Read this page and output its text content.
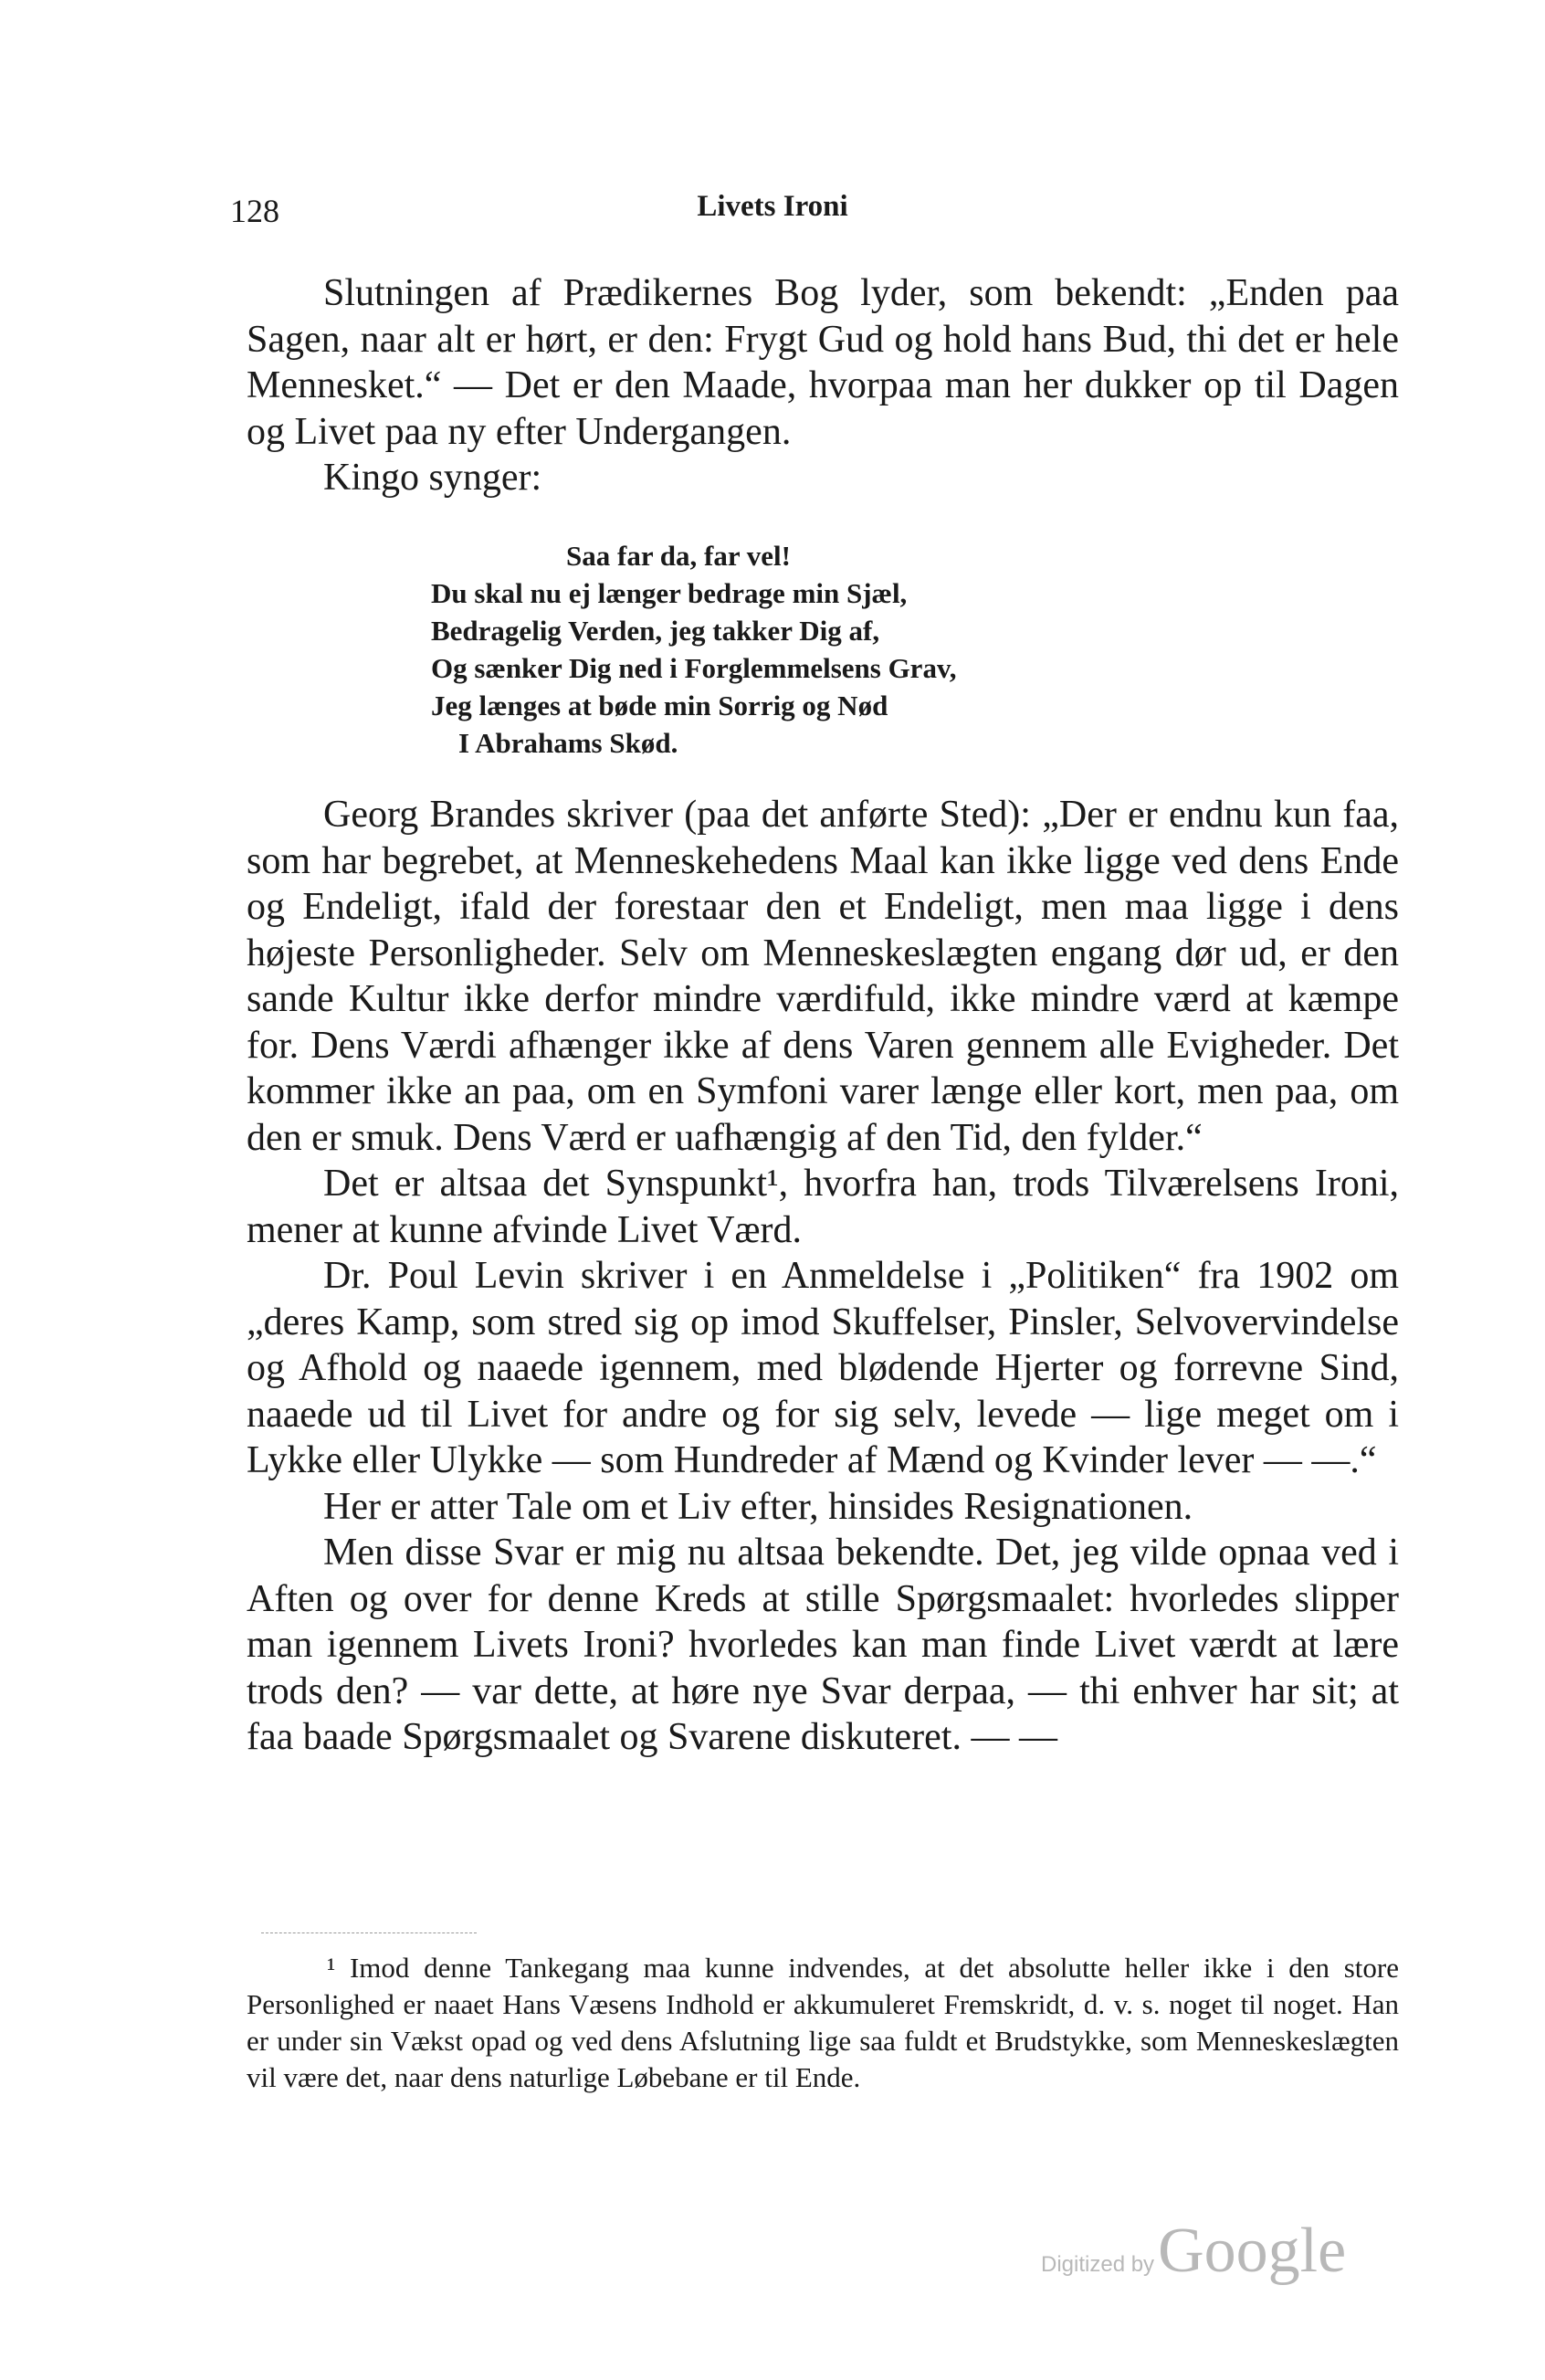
128	Livets Ironi

Slutningen af Prædikernes Bog lyder, som bekendt: „Enden paa Sagen, naar alt er hørt, er den: Frygt Gud og hold hans Bud, thi det er hele Mennesket.“ — Det er den Maade, hvorpaa man her dukker op til Dagen og Livet paa ny efter Undergangen.

Kingo synger:

Saa far da, far vel!
Du skal nu ej længer bedrage min Sjæl,
Bedragelig Verden, jeg takker Dig af,
Og sænker Dig ned i Forglemmelsens Grav,
Jeg længes at bøde min Sorrig og Nød
I Abrahams Skød.

Georg Brandes skriver (paa det anførte Sted): „Der er endnu kun faa, som har begrebet, at Menneskehedens Maal kan ikke ligge ved dens Ende og Endeligt, ifald der forestaar den et Endeligt, men maa ligge i dens højeste Personligheder. Selv om Menneskeslægten engang dør ud, er den sande Kultur ikke derfor mindre værdifuld, ikke mindre værd at kæmpe for. Dens Værdi afhænger ikke af dens Varen gennem alle Evigheder. Det kommer ikke an paa, om en Symfoni varer længe eller kort, men paa, om den er smuk. Dens Værd er uafhængig af den Tid, den fylder.“

Det er altsaa det Synspunkt¹, hvorfra han, trods Tilværelsens Ironi, mener at kunne afvinde Livet Værd.

Dr. Poul Levin skriver i en Anmeldelse i „Politiken“ fra 1902 om „deres Kamp, som stred sig op imod Skuffelser, Pinsler, Selvovervindelse og Afhold og naaede igennem, med blødende Hjerter og forrevne Sind, naaede ud til Livet for andre og for sig selv, levede — lige meget om i Lykke eller Ulykke — som Hundreder af Mænd og Kvinder lever — —.“

Her er atter Tale om et Liv efter, hinsides Resignationen.

Men disse Svar er mig nu altsaa bekendte. Det, jeg vilde opnaa ved i Aften og over for denne Kreds at stille Spørgsmaalet: hvorledes slipper man igennem Livets Ironi? hvorledes kan man finde Livet værdt at lære trods den? — var dette, at høre nye Svar derpaa, — thi enhver har sit; at faa baade Spørgsmaalet og Svarene diskuteret. — —

¹ Imod denne Tankegang maa kunne indvendes, at det absolutte heller ikke i den store Personlighed er naaet Hans Væsens Indhold er akkumuleret Fremskridt, d. v. s. noget til noget. Han er under sin Vækst opad og ved dens Afslutning lige saa fuldt et Brudstykke, som Menneskeslægten vil være det, naar dens naturlige Løbebane er til Ende.

Digitized by Google
